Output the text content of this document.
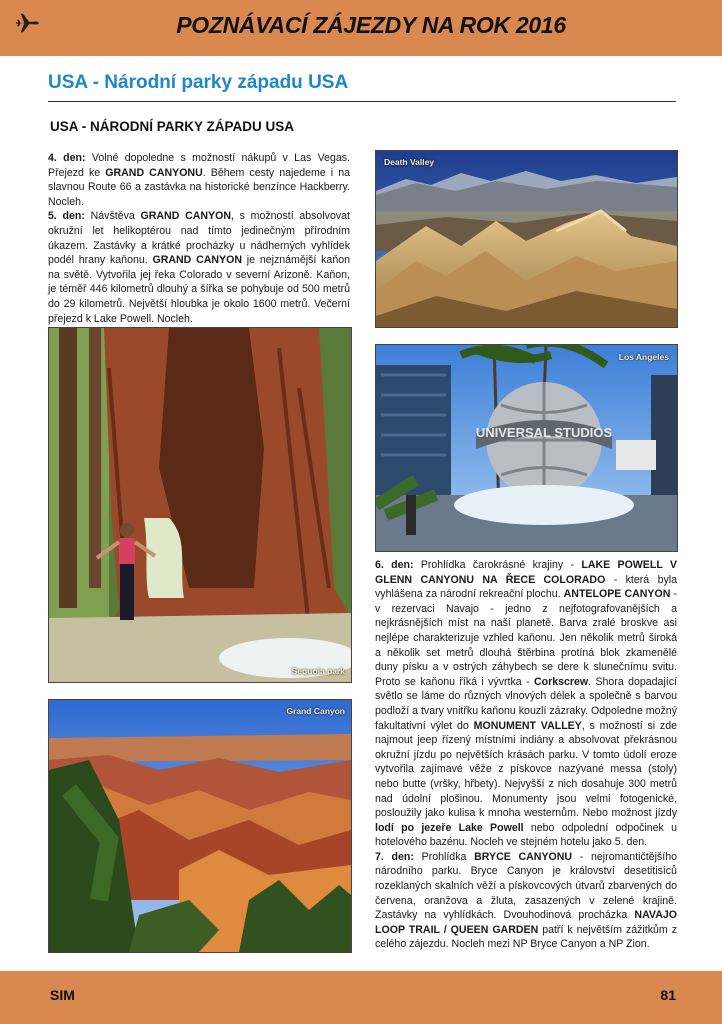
POZNÁVACÍ ZÁJEZDY NA ROK 2016
USA - Národní parky západu USA
USA - NÁRODNÍ PARKY ZÁPADU USA
4. den: Volné dopoledne s možností nákupů v Las Vegas. Přejezd ke GRAND CANYONU. Během cesty najedeme i na slavnou Route 66 a zastávka na historické benzínce Hackberry. Nocleh.
5. den: Návštěva GRAND CANYON, s možností absolvovat okružní let helikoptérou nad tímto jedinečným přírodním úkazem. Zastávky a krátké procházky u nádherných vyhlídek podél hrany kaňonu. GRAND CANYON je nejznámější kaňon na světě. Vytvořila jej řeka Colorado v severní Arizoně. Kaňon, je téměř 446 kilometrů dlouhý a šířka se pohybuje od 500 metrů do 29 kilometrů. Největší hloubka je okolo 1600 metrů. Večerní přejezd k Lake Powell. Nocleh.
Death Valley
Sequoia park
UNIVERSAL STUDIOS
Los Angeles
6. den: Prohlídka čarokrásné krajiny - LAKE POWELL V GLENN CANYONU NA ŘECE COLORADO - která byla vyhlášena za národní rekreační plochu. ANTELOPE CANYON - v rezervaci Navajo - jedno z nejfotografovanějších a nejkrásnějších míst na naší planetě. Barva zralé broskve asi nejlépe charakterizuje vzhled kaňonu. Jen několik metrů široká a několik set metrů dlouhá štěrbina protíná blok zkamenělé duny písku a v ostrých záhybech se dere k slunečnímu svitu. Proto se kaňonu říká i vývrtka - Corkscrew. Shora dopadající světlo se láme do různých vlnových délek a společně s barvou podloží a tvary vnitřku kaňonu kouzlí zázraky. Odpoledne možný fakultativní výlet do MONUMENT VALLEY, s možností si zde najmout jeep řízený místními indiány a absolvovat překrásnou okružní jízdu po největších krásách parku. V tomto údolí eroze vytvořila zajímavé věže z pískovce nazývané messa (stoly) nebo butte (vršky, hřbety). Nejvyšší z nich dosahuje 300 metrů nad údolní plošinou. Monumenty jsou velmi fotogenické, posloužily jako kulisa k mnoha westernům. Nebo možnost jízdy lodí po jezeře Lake Powell nebo odpolední odpočinek u hotelového bazénu. Nocleh ve stejném hotelu jako 5. den.
7. den: Prohlídka BRYCE CANYONU - nejromantičtějšího národního parku. Bryce Canyon je království desetitisíců rozeklaných skalních věží a pískovcových útvarů zbarvených do červena, oranžova a žluta, zasazených v zelené krajině. Zastávky na vyhlídkách. Dvouhodinová procházka NAVAJO LOOP TRAIL / QUEEN GARDEN patří k největším zážitkům z celého zájezdu. Nocleh mezi NP Bryce Canyon a NP Zion.
Grand Canyon
SIM	81
